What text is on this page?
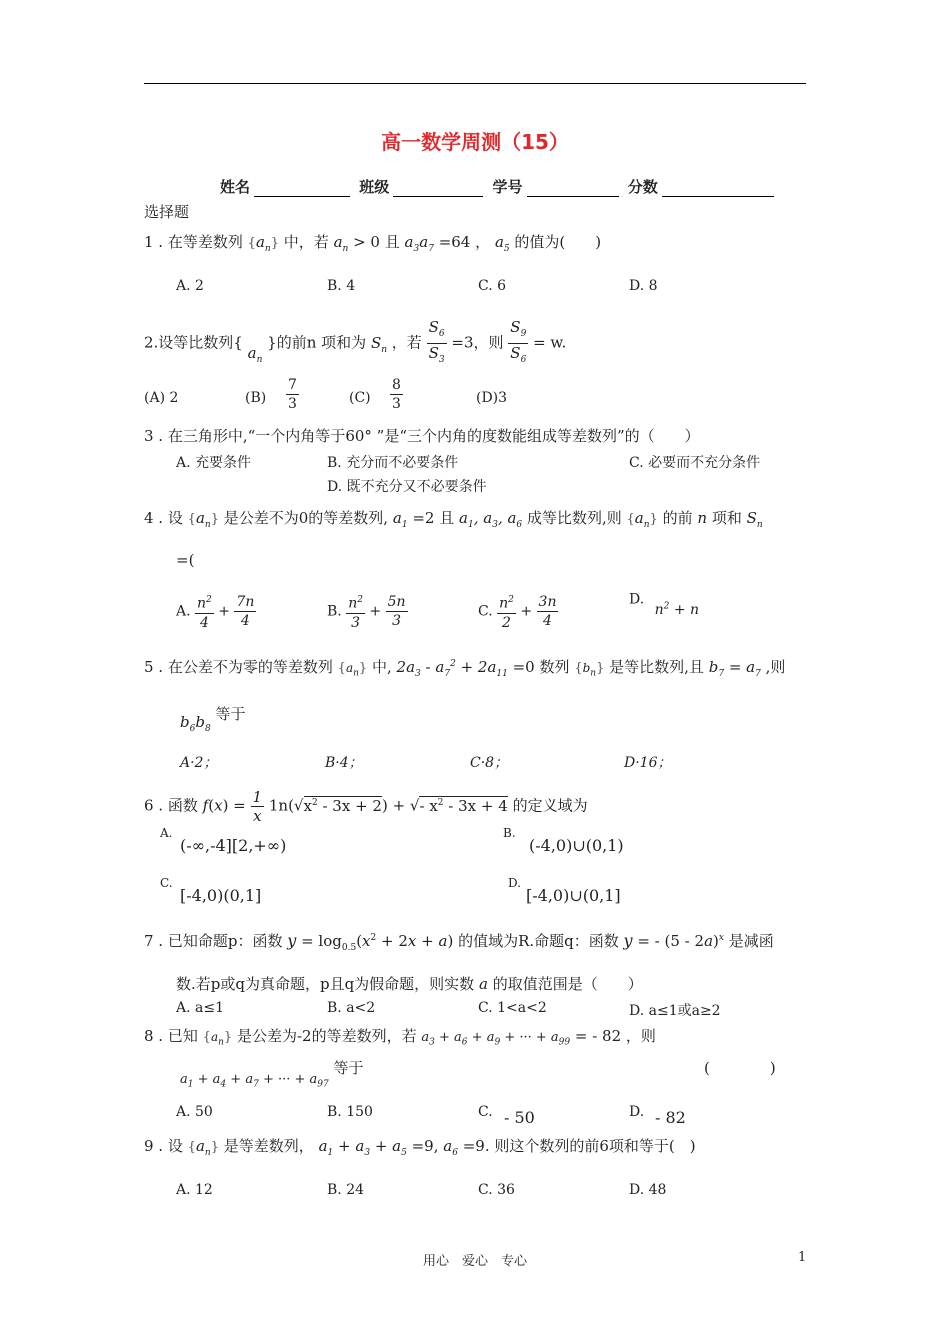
高一数学周测（15）
姓名	班级	学号	分数
选择题
1 . 在等差数列 $\{a_n\}$ 中，若 $a_n > 0$ 且 $a_3a_7 =64$ ， $a_5$ 的值为(　　)
A. 2	B. 4	C. 6	D. 8
2.设等比数列{ $a_n$ }的前n 项和为 $S_n$ ，若 $\frac{S_6}{S_3} =3$，则 $\frac{S_9}{S_6} = w$.
(A) 2	$(B) \frac{7}{3}$	$(C) \frac{8}{3}$	(D)3
3 . 在三角形中,“一个内角等于60° ”是“三个内角的度数能组成等差数列”的（　　）
A. 充要条件	B. 充分而不必要条件	C. 必要而不充分条件
D. 既不充分又不必要条件
4 . 设 $\{a_n\}$ 是公差不为0的等差数列, $a_1 =2$ 且 $a_1$, $a_3$, $a_6$ 成等比数列,则 $\{a_n\}$ 的前 n 项和 $S_n$
=(
A. $\frac{n^2}{4} + \frac{7n}{4}$	B. $\frac{n^2}{3} + \frac{5n}{3}$	C. $\frac{n^2}{2} + \frac{3n}{4}$	D. $n^2 + n$
5 . 在公差不为零的等差数列 $\{a_n\}$ 中, $2a_3 - a_7^2 + 2a_{11} =0$ 数列 $\{b_n\}$ 是等比数列,且 $b_7 = a_7$ ,则
$b_6b_8$ 等于
A·2；	B·4；	C·8；	D·16；
6 . 函数 $f(x) = \frac{1}{x} 1n(√x^2 - 3x + 2)$ + √- $x^2 - 3x + 4$ 的定义域为
A.
(-∞,-4][2,+∞)
B.
(-4,0)∪(0,1)
C.
[-4,0)(0,1]
D.
[-4,0)∪(0,1]
7 . 已知命题p：函数 $y = \log_{0.5}(x^2 + 2x + a)$ 的值域为R.命题q：函数 y = - (5 - 2a)$^x$ 是减函
数.若p或q为真命题，p且q为假命题，则实数 a 的取值范围是（　　）
A. a≤1	B. a<2	C. 1<a<2	D. a≤1或a≥2
8 . 已知 $\{a_n\}$ 是公差为-2的等差数列，若 $a_3 + a_6 + a_9$ + ··· + $a_{99}$ = - 82 ，则
$a_1 + a_4 + a_7$ + ··· + $a_{97}$ 等于	(　　　　)
A. 50	B. 150	C. - 50	D. - 82
9 . 设 $\{a_n\}$ 是等差数列， $a_1 + a_3 + a_5 =9$, $a_6 =9$. 则这个数列的前6项和等于(　)
A. 12	B. 24	C. 36	D. 48
用心　爱心　专心	1
